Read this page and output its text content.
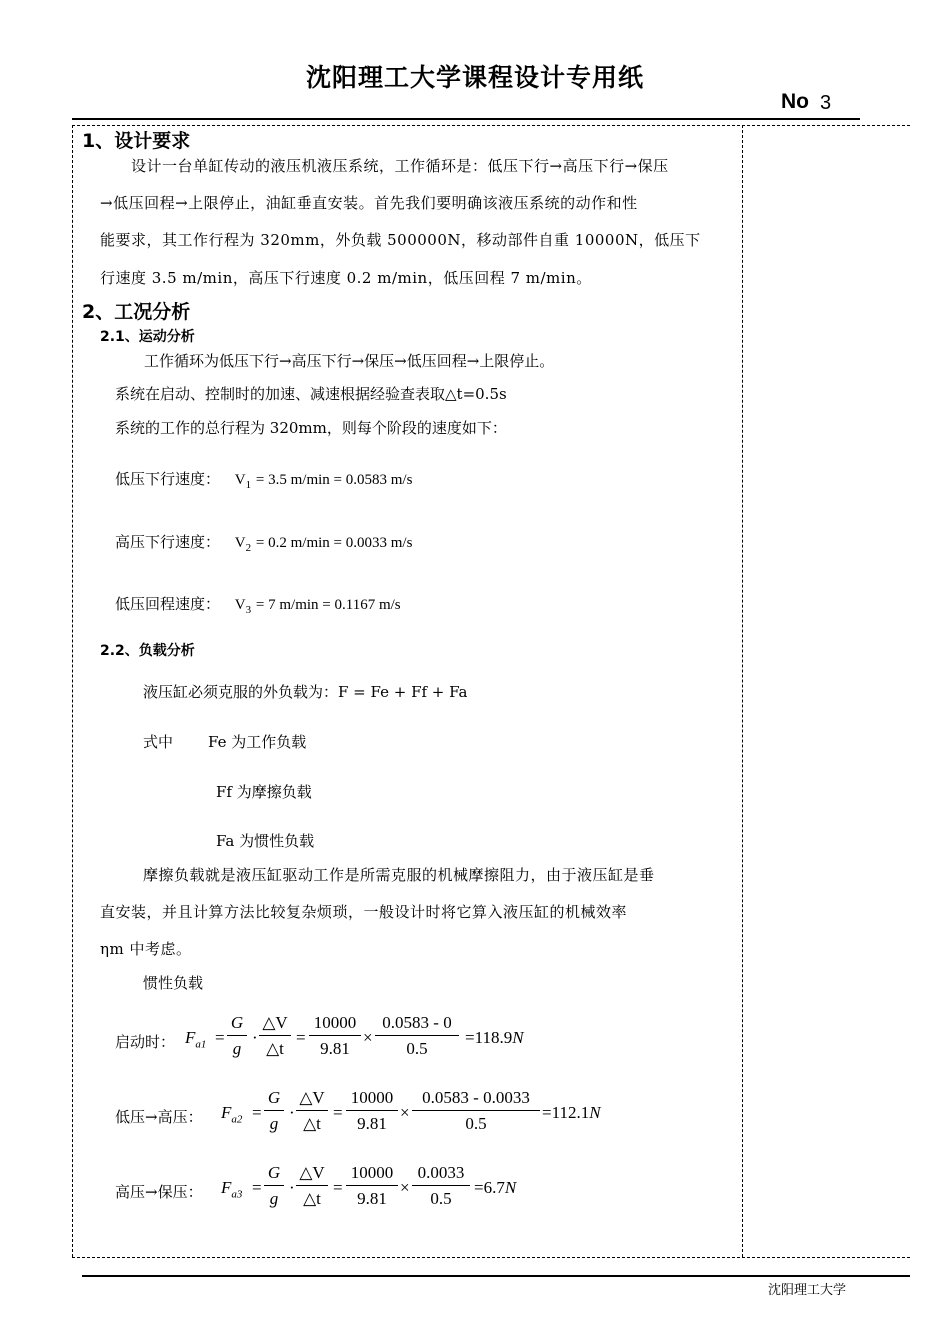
沈阳理工大学课程设计专用纸
No 3
1、设计要求
设计一台单缸传动的液压机液压系统，工作循环是：低压下行→高压下行→保压
→低压回程→上限停止，油缸垂直安装。首先我们要明确该液压系统的动作和性
能要求，其工作行程为 320mm，外负载 500000N，移动部件自重 10000N，低压下
行速度 3.5 m/min，高压下行速度 0.2 m/min，低压回程 7 m/min。
2、工况分析
2.1、运动分析
工作循环为低压下行→高压下行→保压→低压回程→上限停止。
系统在启动、控制时的加速、减速根据经验查表取△t=0.5s
系统的工作的总行程为 320mm，则每个阶段的速度如下：
低压下行速度： $V_1 = 3.5$ m/min = 0.0583 m/s
高压下行速度： $V_2 = 0.2$ m/min = 0.0033 m/s
低压回程速度： $V_3 = 7$ m/min = 0.1167 m/s
2.2、负载分析
液压缸必须克服的外负载为：F = Fe + Ff + Fa
式中 Fe 为工作负载
Ff 为摩擦负载
Fa 为惯性负载
摩擦负载就是液压缸驱动工作是所需克服的机械摩擦阻力，由于液压缸是垂
直安装，并且计算方法比较复杂烦琐，一般设计时将它算入液压缸的机械效率
ηm 中考虑。
惯性负载
启动时： $F_{a1} = \frac{G}{g} \cdot \frac{\triangle V}{\triangle t} = \frac{10000}{9.81} \times \frac{0.0583 - 0}{0.5} =118.9N$
低压→高压： $F_{a2} = \frac{G}{g} \cdot \frac{\triangle V}{\triangle t} = \frac{10000}{9.81} \times \frac{0.0583 - 0.0033}{0.5} =112.1N$
高压→保压： $F_{a3} = \frac{G}{g} \cdot \frac{\triangle V}{\triangle t} = \frac{10000}{9.81} \times \frac{0.0033}{0.5} =6.7N$
沈阳理工大学
